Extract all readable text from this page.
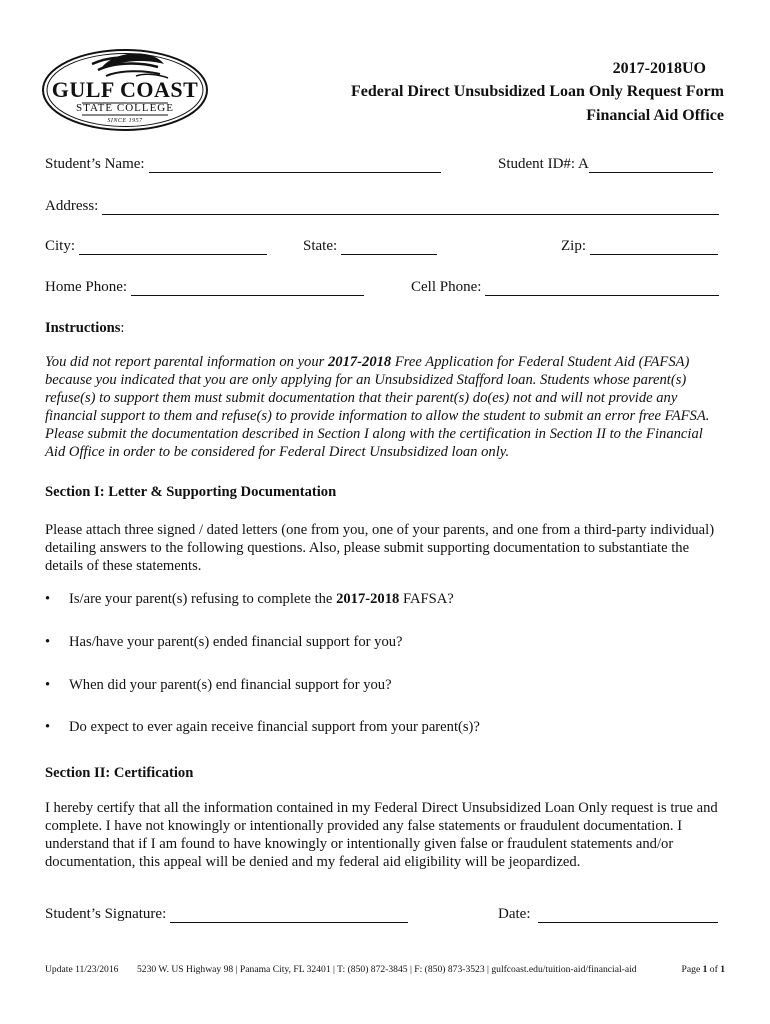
GULF COAST
STATE COLLEGE
SINCE 1957
2017-2018UO
Federal Direct Unsubsidized Loan Only Request Form
Financial Aid Office
Student’s Name:	Student ID#: A
Address:
City:	State:	Zip:
Home Phone:	Cell Phone:
Instructions:
You did not report parental information on your 2017-2018 Free Application for Federal Student Aid (FAFSA) because you indicated that you are only applying for an Unsubsidized Stafford loan. Students whose parent(s) refuse(s) to support them must submit documentation that their parent(s) do(es) not and will not provide any financial support to them and refuse(s) to provide information to allow the student to submit an error free FAFSA. Please submit the documentation described in Section I along with the certification in Section II to the Financial Aid Office in order to be considered for Federal Direct Unsubsidized loan only.
Section I: Letter & Supporting Documentation
Please attach three signed / dated letters (one from you, one of your parents, and one from a third-party individual) detailing answers to the following questions. Also, please submit supporting documentation to substantiate the details of these statements.
•	Is/are your parent(s) refusing to complete the 2017-2018 FAFSA?
•	Has/have your parent(s) ended financial support for you?
•	When did your parent(s) end financial support for you?
•	Do expect to ever again receive financial support from your parent(s)?
Section II: Certification
I hereby certify that all the information contained in my Federal Direct Unsubsidized Loan Only request is true and complete. I have not knowingly or intentionally provided any false statements or fraudulent documentation. I understand that if I am found to have knowingly or intentionally given false or fraudulent statements and/or documentation, this appeal will be denied and my federal aid eligibility will be jeopardized.
Student’s Signature:	Date:
Update 11/23/2016 5230 W. US Highway 98 | Panama City, FL 32401 | T: (850) 872-3845 | F: (850) 873-3523 | gulfcoast.edu/tuition-aid/financial-aid	Page 1 of 1
